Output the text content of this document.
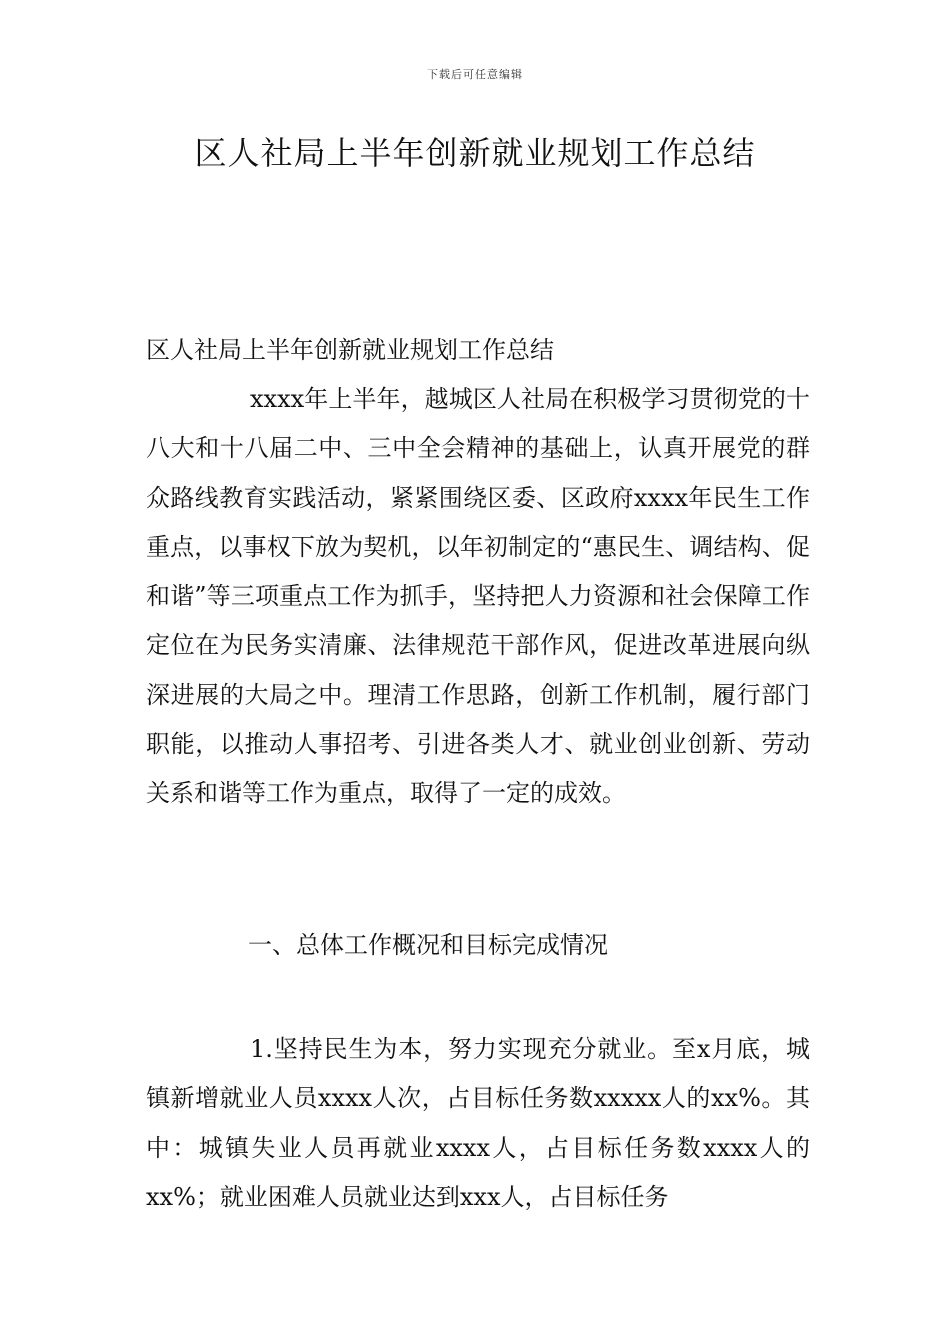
下载后可任意编辑
区人社局上半年创新就业规划工作总结

区人社局上半年创新就业规划工作总结

xxxx年上半年，越城区人社局在积极学习贯彻党的十八大和十八届二中、三中全会精神的基础上，认真开展党的群众路线教育实践活动，紧紧围绕区委、区政府xxxx年民生工作重点，以事权下放为契机，以年初制定的“惠民生、调结构、促和谐”等三项重点工作为抓手，坚持把人力资源和社会保障工作定位在为民务实清廉、法律规范干部作风，促进改革进展向纵深进展的大局之中。理清工作思路，创新工作机制，履行部门职能，以推动人事招考、引进各类人才、就业创业创新、劳动关系和谐等工作为重点，取得了一定的成效。

一、总体工作概况和目标完成情况

1.坚持民生为本，努力实现充分就业。至x月底，城镇新增就业人员xxxx人次，占目标任务数xxxxx人的xx%。其中：城镇失业人员再就业xxxx人，占目标任务数xxxx人的xx%；就业困难人员就业达到xxx人，占目标任务
